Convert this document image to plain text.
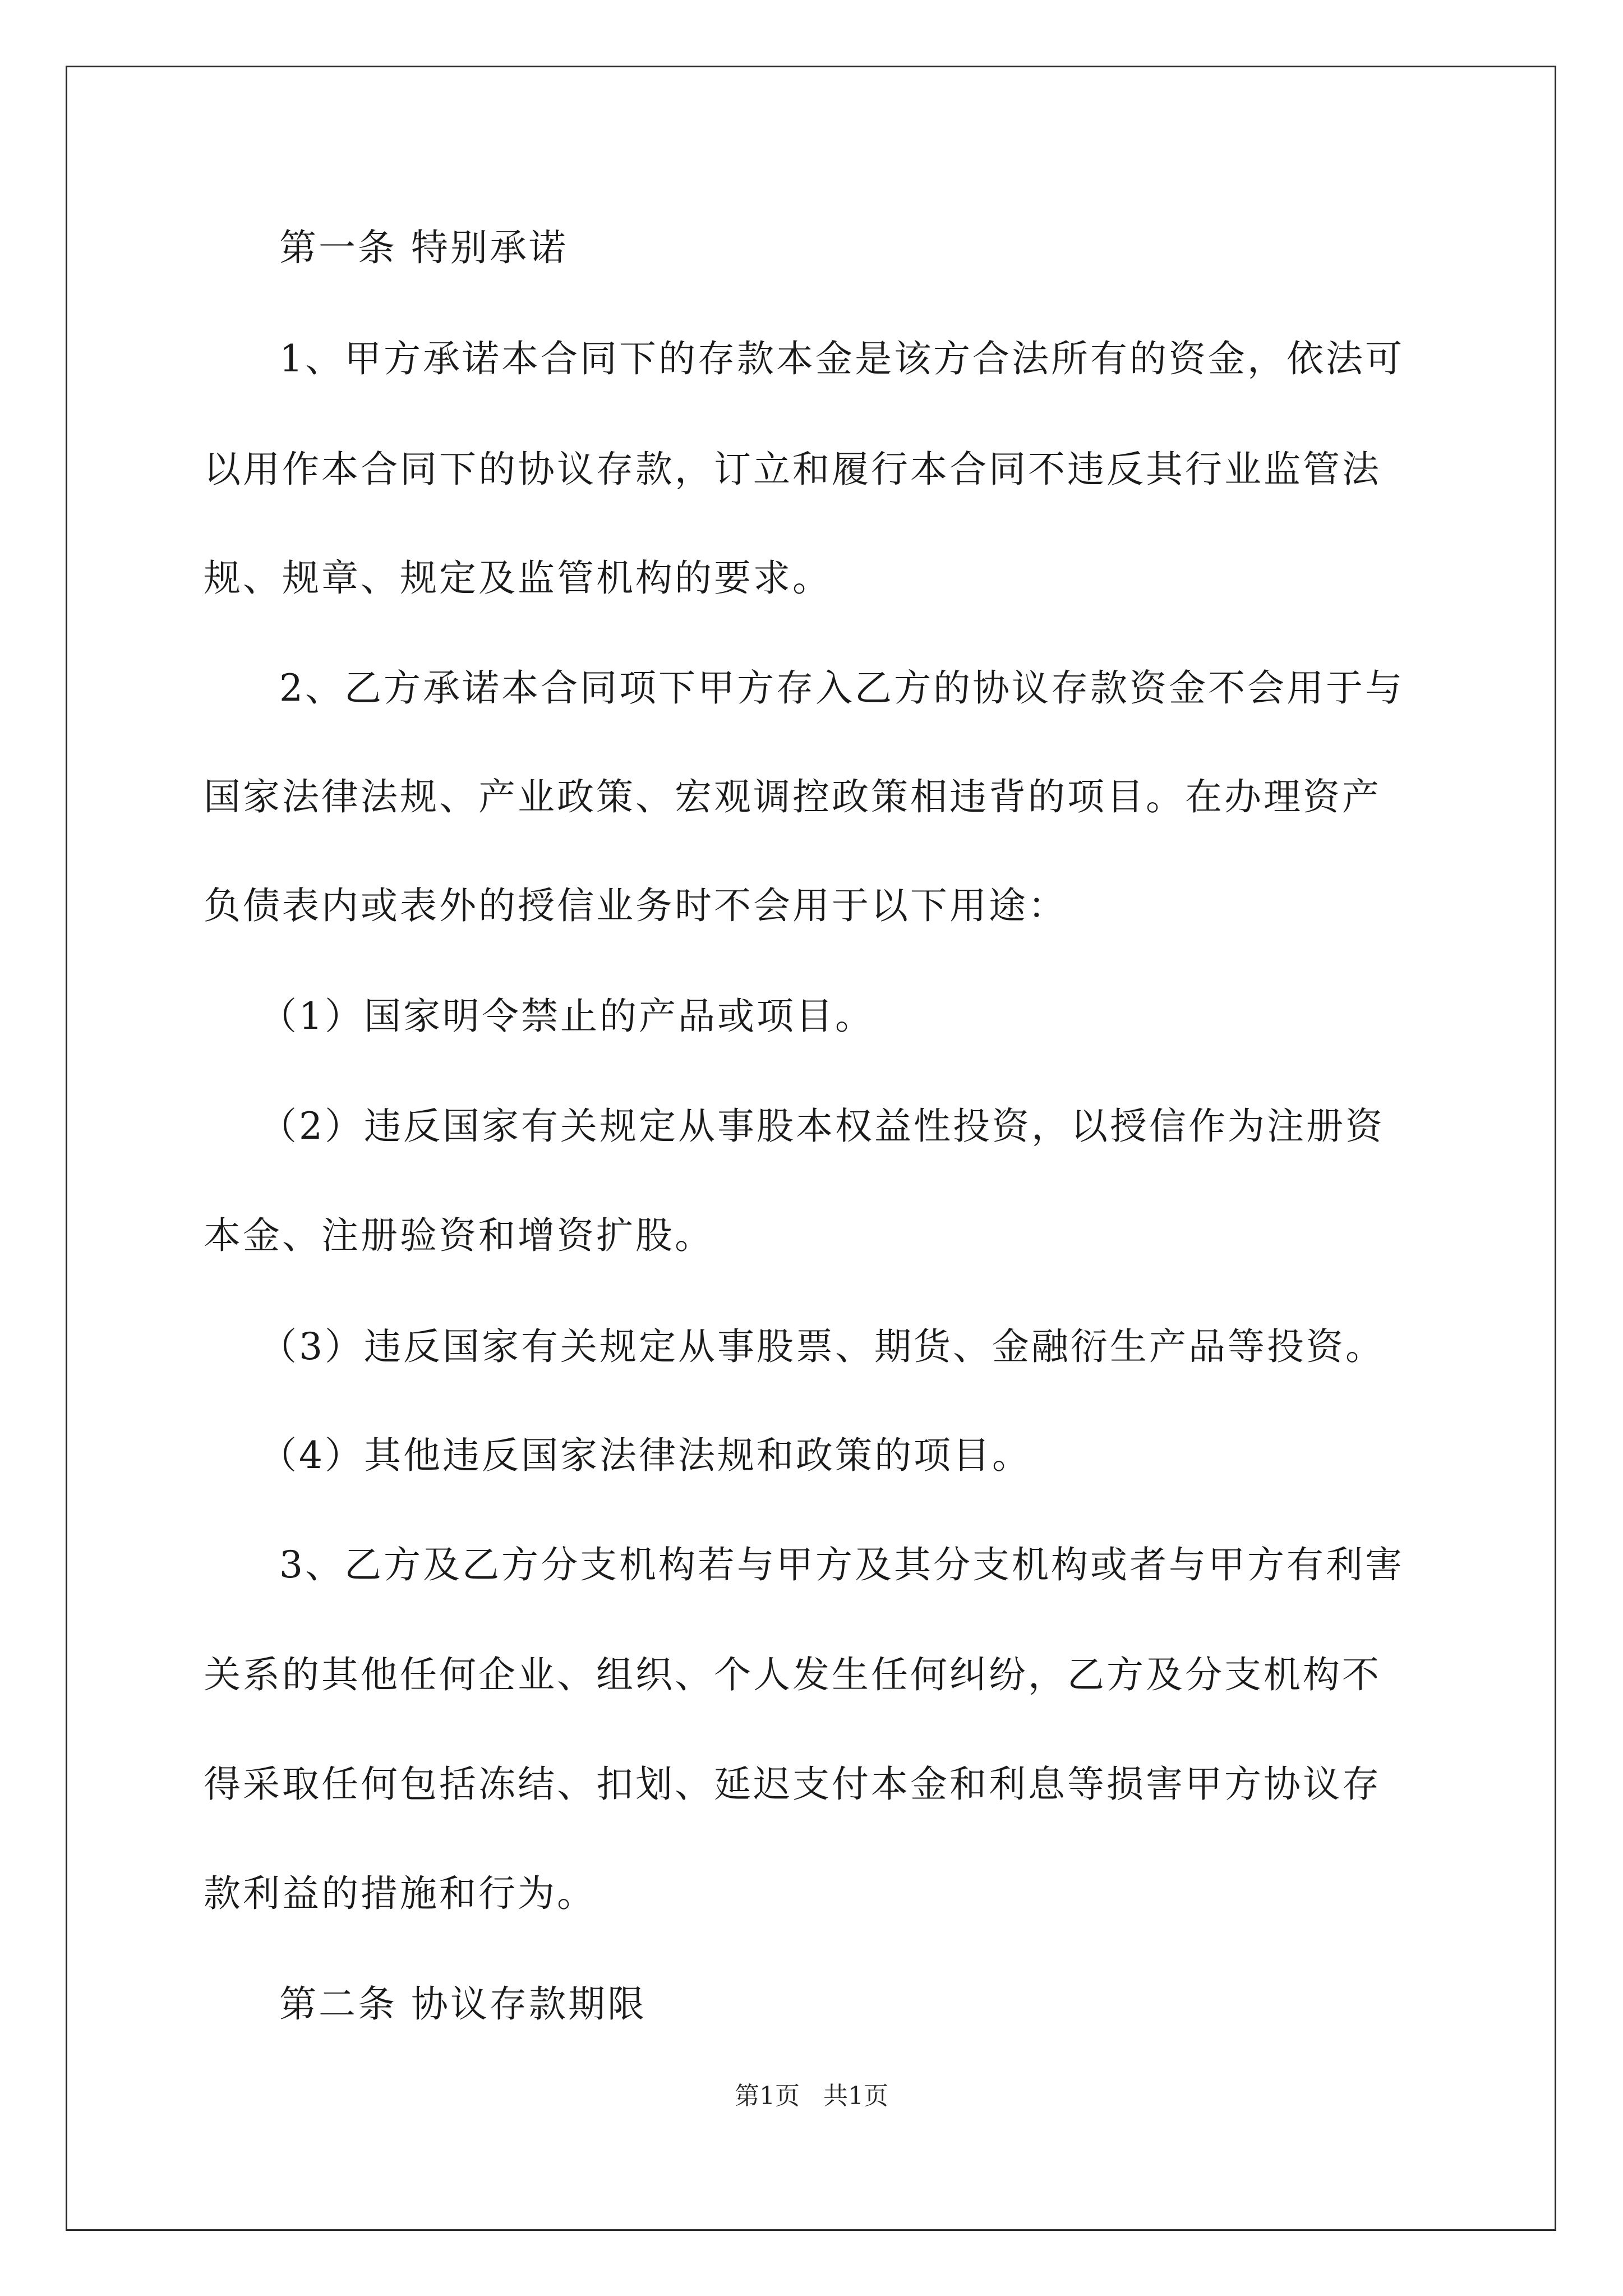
第一条 特别承诺
1、甲方承诺本合同下的存款本金是该方合法所有的资金，依法可
以用作本合同下的协议存款，订立和履行本合同不违反其行业监管法
规、规章、规定及监管机构的要求。
2、乙方承诺本合同项下甲方存入乙方的协议存款资金不会用于与
国家法律法规、产业政策、宏观调控政策相违背的项目。在办理资产
负债表内或表外的授信业务时不会用于以下用途：
（1）国家明令禁止的产品或项目。
（2）违反国家有关规定从事股本权益性投资，以授信作为注册资
本金、注册验资和增资扩股。
（3）违反国家有关规定从事股票、期货、金融衍生产品等投资。
（4）其他违反国家法律法规和政策的项目。
3、乙方及乙方分支机构若与甲方及其分支机构或者与甲方有利害
关系的其他任何企业、组织、个人发生任何纠纷，乙方及分支机构不
得采取任何包括冻结、扣划、延迟支付本金和利息等损害甲方协议存
款利益的措施和行为。
第二条 协议存款期限
第1页   共1页
